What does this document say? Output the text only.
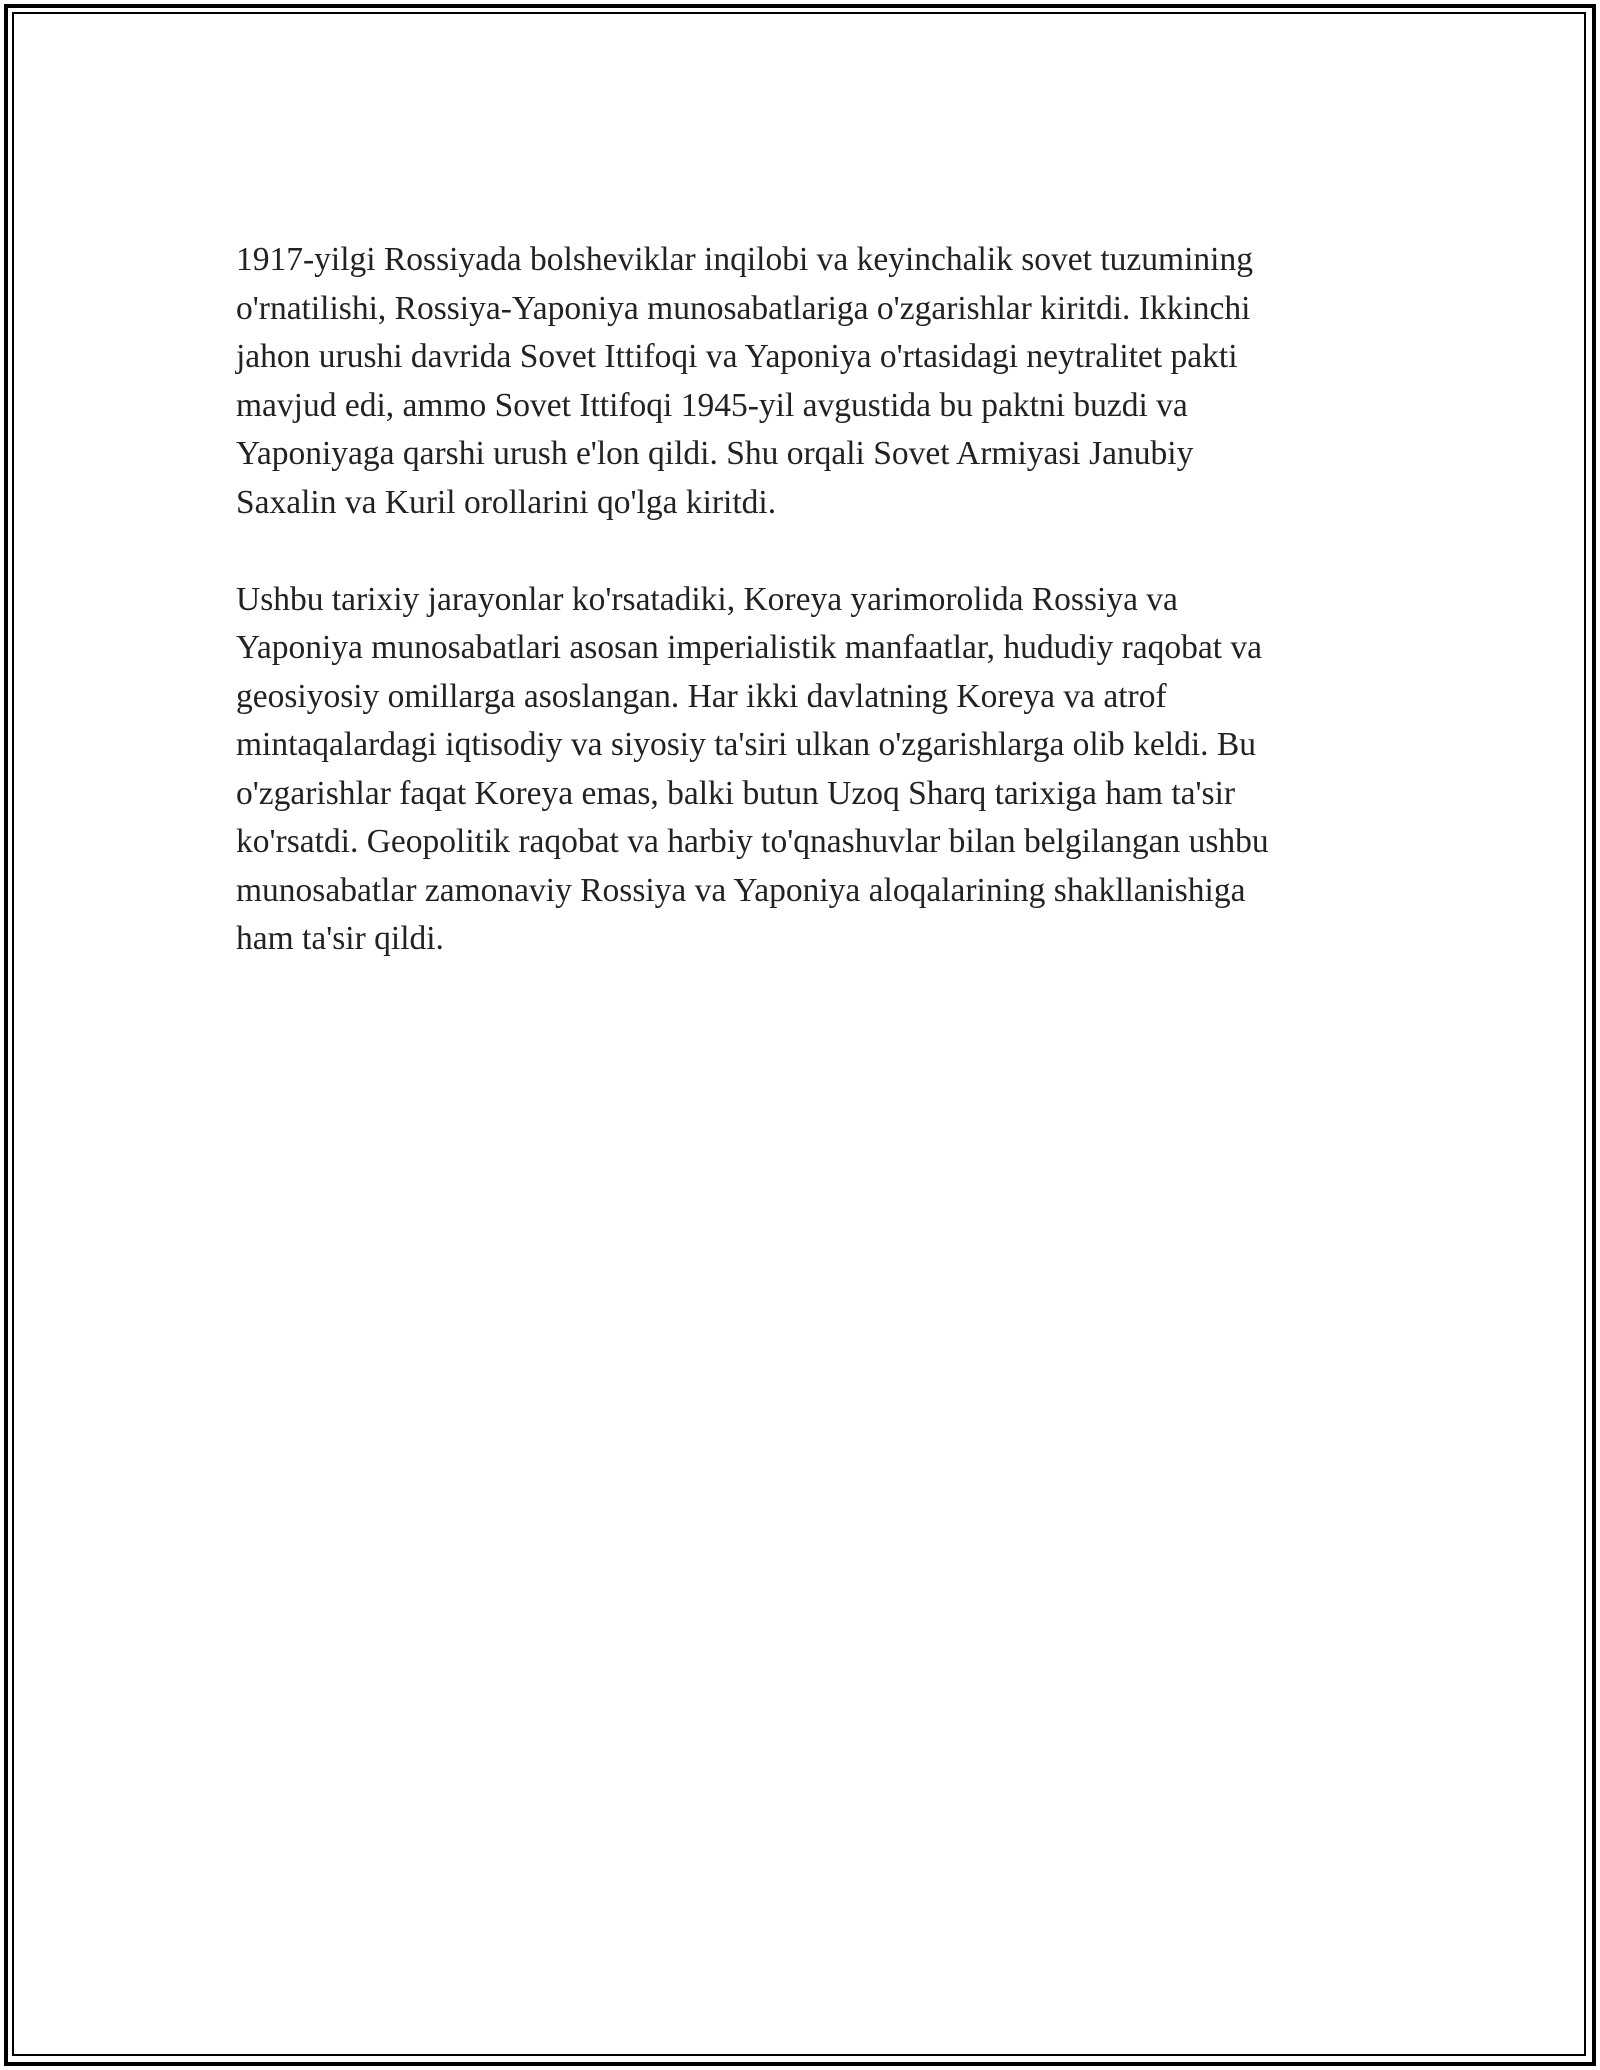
1917-yilgi Rossiyada bolsheviklar inqilobi va keyinchalik sovet tuzumining
o'rnatilishi, Rossiya-Yaponiya munosabatlariga o'zgarishlar kiritdi. Ikkinchi
jahon urushi davrida Sovet Ittifoqi va Yaponiya o'rtasidagi neytralitet pakti
mavjud edi, ammo Sovet Ittifoqi 1945-yil avgustida bu paktni buzdi va
Yaponiyaga qarshi urush e'lon qildi. Shu orqali Sovet Armiyasi Janubiy
Saxalin va Kuril orollarini qo'lga kiritdi.

Ushbu tarixiy jarayonlar ko'rsatadiki, Koreya yarimorolida Rossiya va
Yaponiya munosabatlari asosan imperialistik manfaatlar, hududiy raqobat va
geosiyosiy omillarga asoslangan. Har ikki davlatning Koreya va atrof
mintaqalardagi iqtisodiy va siyosiy ta'siri ulkan o'zgarishlarga olib keldi. Bu
o'zgarishlar faqat Koreya emas, balki butun Uzoq Sharq tarixiga ham ta'sir
ko'rsatdi. Geopolitik raqobat va harbiy to'qnashuvlar bilan belgilangan ushbu
munosabatlar zamonaviy Rossiya va Yaponiya aloqalarining shakllanishiga
ham ta'sir qildi.
